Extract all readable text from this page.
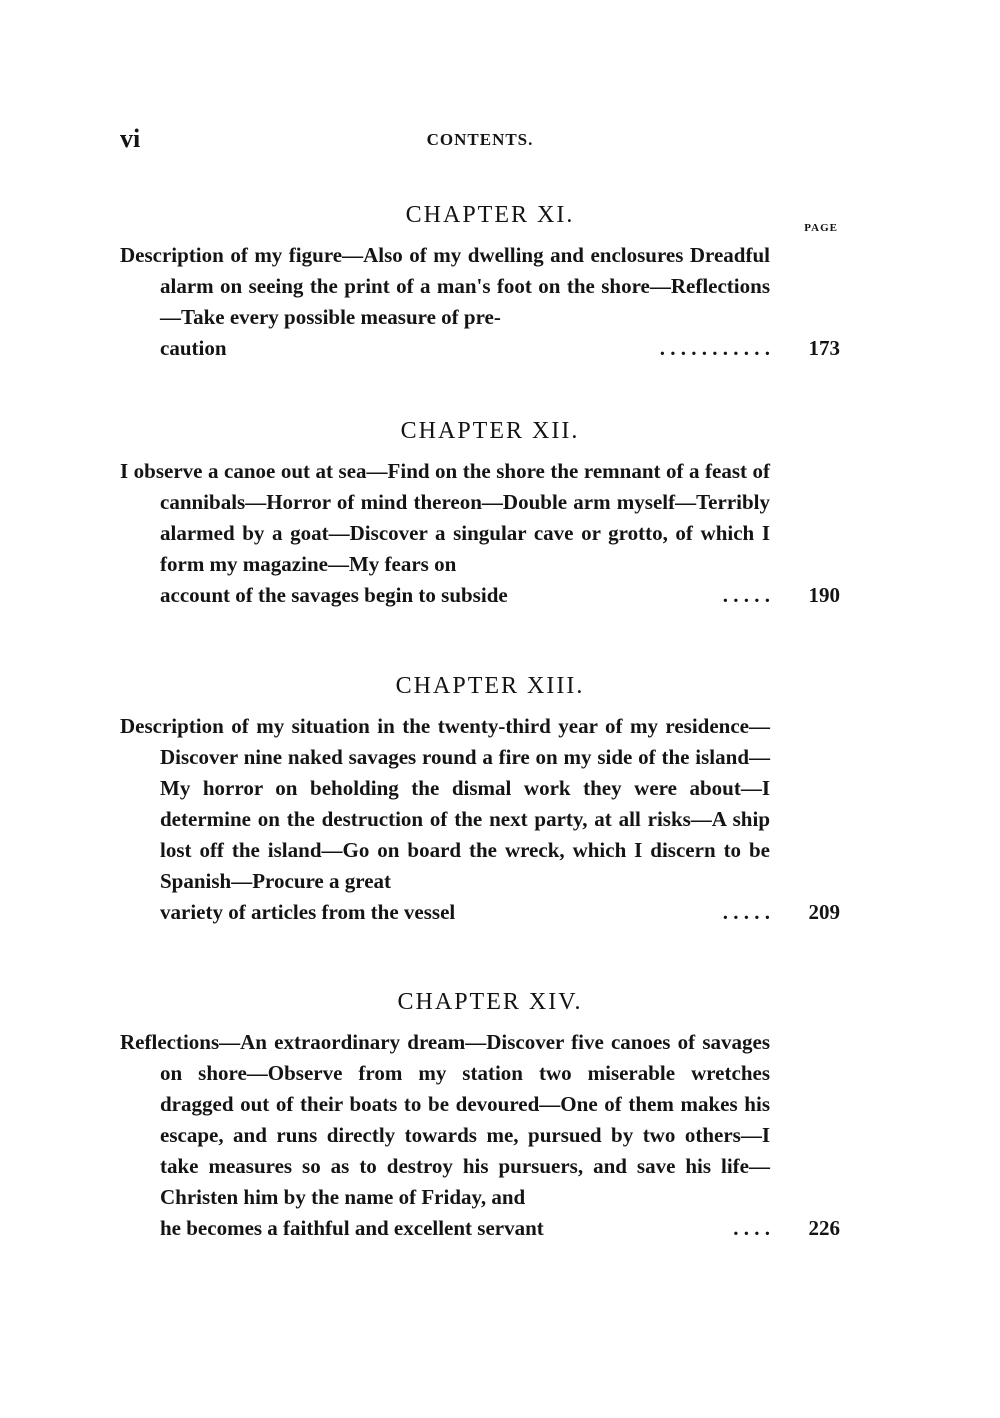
vi	CONTENTS.
CHAPTER XI.	PAGE
Description of my figure—Also of my dwelling and enclosures Dreadful alarm on seeing the print of a man's foot on the shore—Reflections—Take every possible measure of pre-
caution	. . . . . . . . . . . 173
CHAPTER XII.
I observe a canoe out at sea—Find on the shore the remnant of a feast of cannibals—Horror of mind thereon—Double arm myself—Terribly alarmed by a goat—Discover a singular cave or grotto, of which I form my magazine—My fears on
account of the savages begin to subside	. . . . . 190
CHAPTER XIII.
Description of my situation in the twenty-third year of my residence—Discover nine naked savages round a fire on my side of the island—My horror on beholding the dismal work they were about—I determine on the destruction of the next party, at all risks—A ship lost off the island—Go on board the wreck, which I discern to be Spanish—Procure a great
variety of articles from the vessel	. . . . . 209
CHAPTER XIV.
Reflections—An extraordinary dream—Discover five canoes of savages on shore—Observe from my station two miserable wretches dragged out of their boats to be devoured—One of them makes his escape, and runs directly towards me, pursued by two others—I take measures so as to destroy his pursuers, and save his life—Christen him by the name of Friday, and
he becomes a faithful and excellent servant	. . . . 226
